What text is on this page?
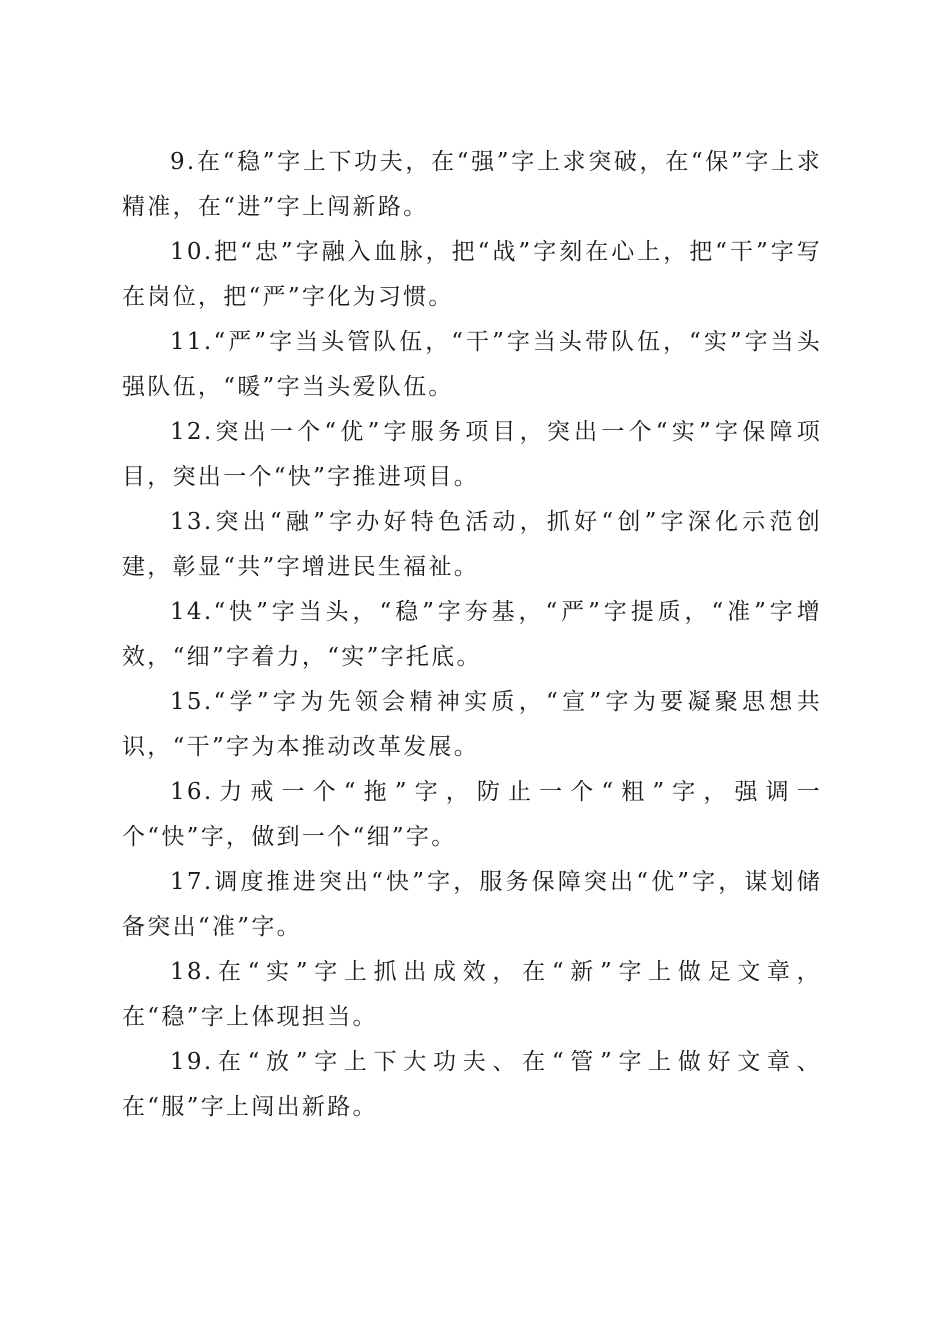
9.在“稳”字上下功夫，在“强”字上求突破，在“保”字上求精准，在“进”字上闯新路。

10.把“忠”字融入血脉，把“战”字刻在心上，把“干”字写在岗位，把“严”字化为习惯。

11.“严”字当头管队伍，“干”字当头带队伍，“实”字当头强队伍，“暖”字当头爱队伍。

12.突出一个“优”字服务项目，突出一个“实”字保障项目，突出一个“快”字推进项目。

13.突出“融”字办好特色活动，抓好“创”字深化示范创建，彰显“共”字增进民生福祉。

14.“快”字当头，“稳”字夯基，“严”字提质，“准”字增效，“细”字着力，“实”字托底。

15.“学”字为先领会精神实质，“宣”字为要凝聚思想共识，“干”字为本推动改革发展。

16.力戒一个“拖”字，防止一个“粗”字，强调一个“快”字，做到一个“细”字。

17.调度推进突出“快”字，服务保障突出“优”字，谋划储备突出“准”字。

18.在“实”字上抓出成效，在“新”字上做足文章，在“稳”字上体现担当。

19.在“放”字上下大功夫、在“管”字上做好文章、在“服”字上闯出新路。
